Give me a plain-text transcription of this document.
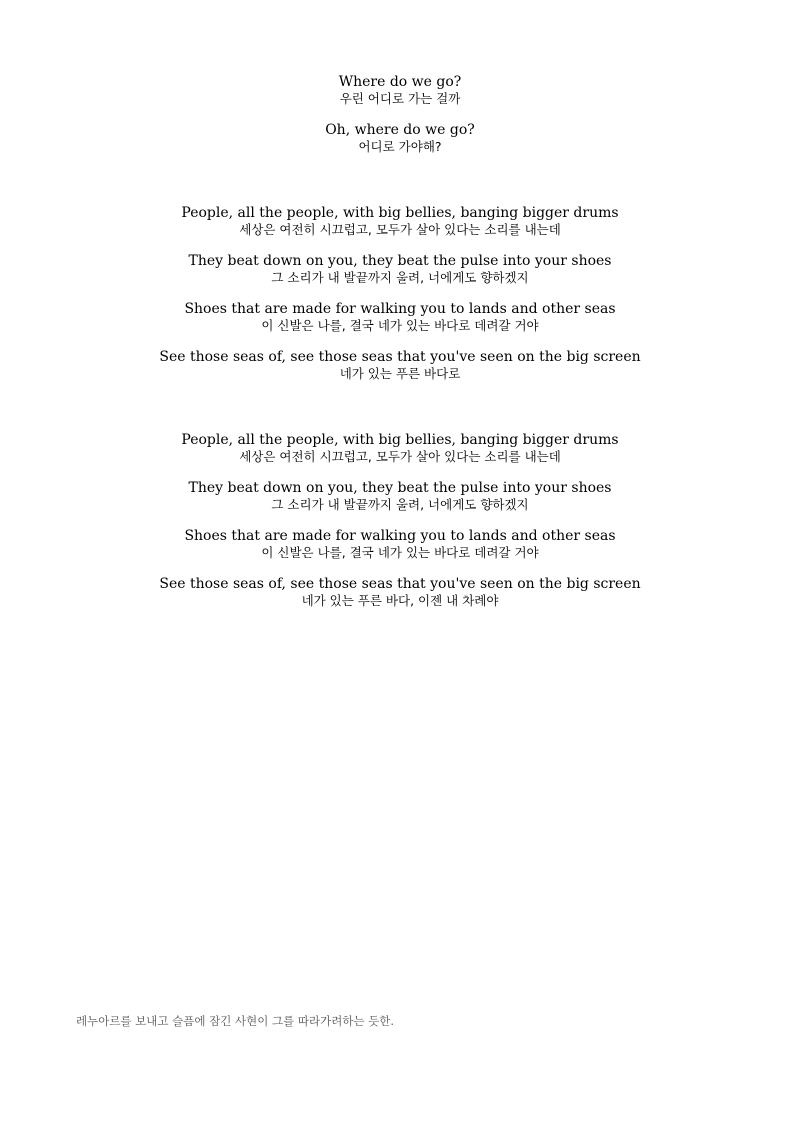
Where do we go?
우린 어디로 가는 걸까
Oh, where do we go?
어디로 가야해?
People, all the people, with big bellies, banging bigger drums
세상은 여전히 시끄럽고, 모두가 살아 있다는 소리를 내는데
They beat down on you, they beat the pulse into your shoes
그 소리가 내 발끝까지 울려, 너에게도 향하겠지
Shoes that are made for walking you to lands and other seas
이 신발은 나를, 결국 네가 있는 바다로 데려갈 거야
See those seas of, see those seas that you've seen on the big screen
네가 있는 푸른 바다로
People, all the people, with big bellies, banging bigger drums
세상은 여전히 시끄럽고, 모두가 살아 있다는 소리를 내는데
They beat down on you, they beat the pulse into your shoes
그 소리가 내 발끝까지 울려, 너에게도 향하겠지
Shoes that are made for walking you to lands and other seas
이 신발은 나를, 결국 네가 있는 바다로 데려갈 거야
See those seas of, see those seas that you've seen on the big screen
네가 있는 푸른 바다, 이젠 내 차례야
레누아르를 보내고 슬픔에 잠긴 사현이 그를 따라가려하는 듯한.
